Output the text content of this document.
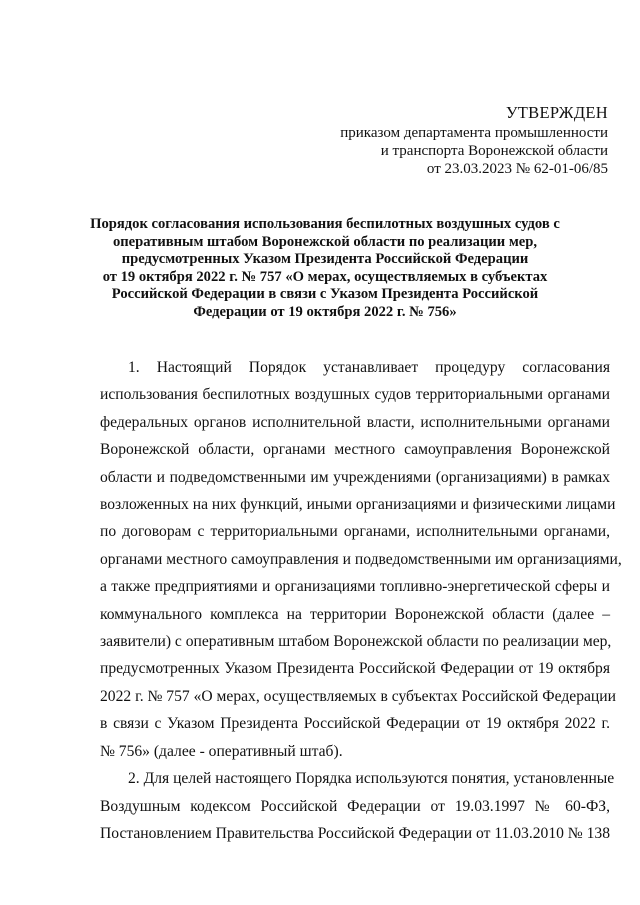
УТВЕРЖДЕН
приказом департамента промышленности
и транспорта Воронежской области
от 23.03.2023 № 62-01-06/85
Порядок согласования использования беспилотных воздушных судов с
оперативным штабом Воронежской области по реализации мер,
предусмотренных Указом Президента Российской Федерации
от 19 октября 2022 г. № 757 «О мерах, осуществляемых в субъектах
Российской Федерации в связи с Указом Президента Российской
Федерации от 19 октября 2022 г. № 756»
1. Настоящий Порядок устанавливает процедуру согласования
использования беспилотных воздушных судов территориальными органами
федеральных органов исполнительной власти, исполнительными органами
Воронежской области, органами местного самоуправления Воронежской
области и подведомственными им учреждениями (организациями) в рамках
возложенных на них функций, иными организациями и физическими лицами
по договорам с территориальными органами, исполнительными органами,
органами местного самоуправления и подведомственными им организациями,
а также предприятиями и организациями топливно-энергетической сферы и
коммунального комплекса на территории Воронежской области (далее –
заявители) с оперативным штабом Воронежской области по реализации мер,
предусмотренных Указом Президента Российской Федерации от 19 октября
2022 г. № 757 «О мерах, осуществляемых в субъектах Российской Федерации
в связи с Указом Президента Российской Федерации от 19 октября 2022 г.
№ 756» (далее - оперативный штаб).
2. Для целей настоящего Порядка используются понятия, установленные
Воздушным кодексом Российской Федерации от 19.03.1997 № 60-ФЗ,
Постановлением Правительства Российской Федерации от 11.03.2010 № 138
